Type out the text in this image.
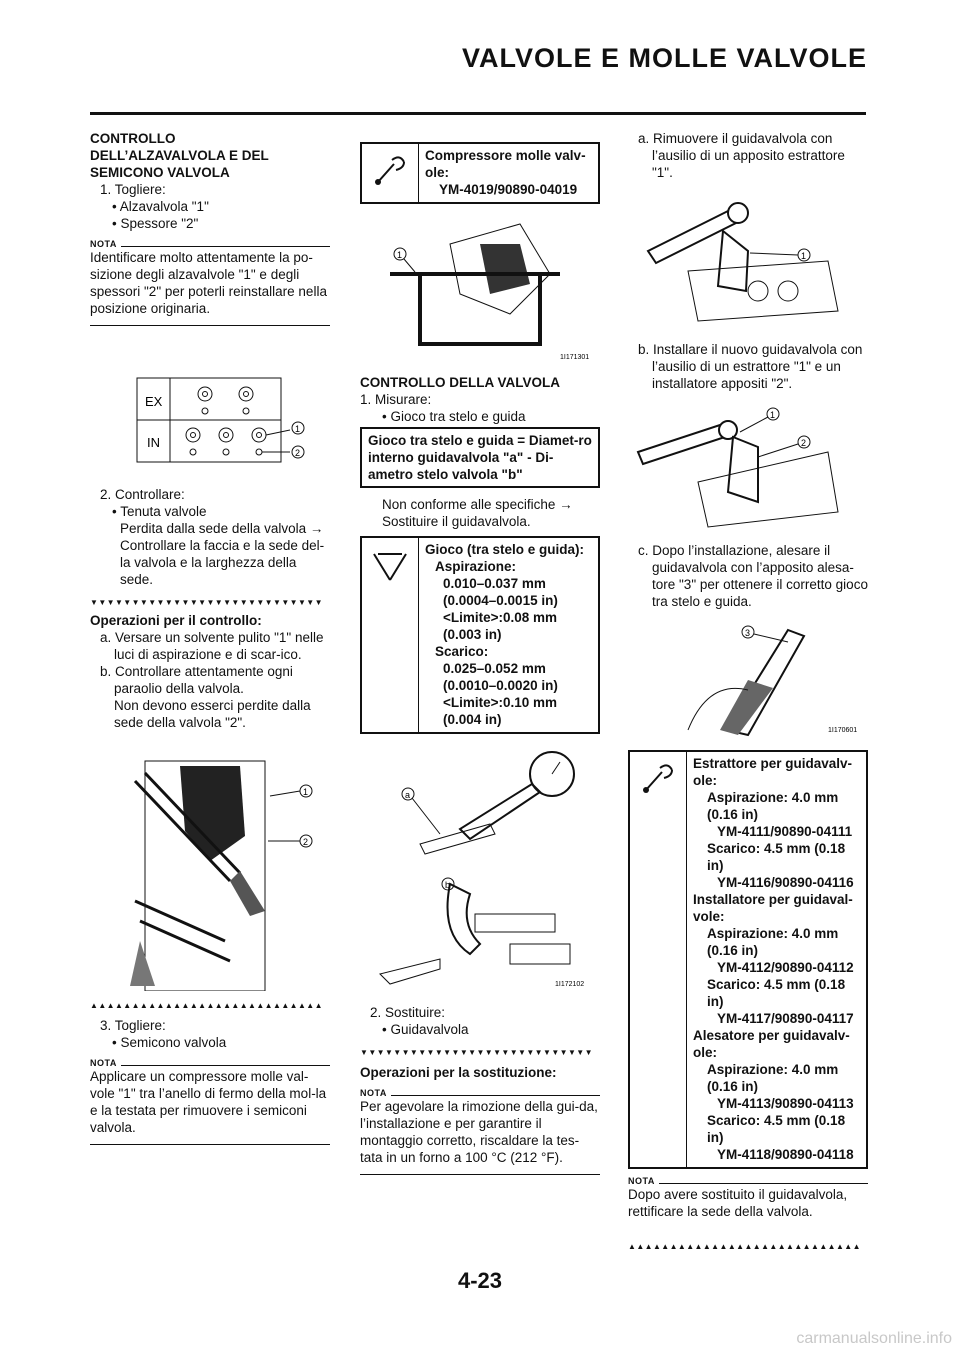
VALVOLE E MOLLE VALVOLE
CONTROLLO
DELL’ALZAVALVOLA E DEL
SEMICONO VALVOLA
1. Togliere:
• Alzavalvola "1"
• Spessore "2"
NOTA
Identificare molto attentamente la po-sizione degli alzavalvole "1" e degli spessori "2" per poterli reinstallare nella posizione originaria.
EX
IN
1
2
2. Controllare:
• Tenuta valvole
Perdita dalla sede della valvola → Controllare la faccia e la sede del-la valvola e la larghezza della sede.
▼▼▼▼▼▼▼▼▼▼▼▼▼▼▼▼▼▼▼▼▼▼▼▼▼▼▼▼
Operazioni per il controllo:
a. Versare un solvente pulito "1" nelle luci di aspirazione e di scar-ico.
b. Controllare attentamente ogni paraolio della valvola.
Non devono esserci perdite dalla sede della valvola "2".
1
2
▲▲▲▲▲▲▲▲▲▲▲▲▲▲▲▲▲▲▲▲▲▲▲▲▲▲▲▲
3. Togliere:
• Semicono valvola
NOTA
Applicare un compressore molle val-vole "1" tra l’anello di fermo della mol-la e la testata per rimuovere i semiconi valvola.
Compressore molle valv-ole:
YM-4019/90890-04019
1
1I171301
CONTROLLO DELLA VALVOLA
1. Misurare:
• Gioco tra stelo e guida
Gioco tra stelo e guida = Diamet-ro interno guidavalvola "a" - Di-ametro stelo valvola "b"
Non conforme alle specifiche → Sostituire il guidavalvola.
Gioco (tra stelo e guida):
Aspirazione:
0.010–0.037 mm
(0.0004–0.0015 in)
<Limite>:0.08 mm
(0.003 in)
Scarico:
0.025–0.052 mm
(0.0010–0.0020 in)
<Limite>:0.10 mm
(0.004 in)
a
b
1I172102
2. Sostituire:
• Guidavalvola
▼▼▼▼▼▼▼▼▼▼▼▼▼▼▼▼▼▼▼▼▼▼▼▼▼▼▼▼
Operazioni per la sostituzione:
NOTA
Per agevolare la rimozione della gui-da, l’installazione e per garantire il montaggio corretto, riscaldare la tes-tata in un forno a 100 °C (212 °F).
a. Rimuovere il guidavalvola con l’ausilio di un apposito estrattore "1".
1
b. Installare il nuovo guidavalvola con l’ausilio di un estrattore "1" e un installatore appositi "2".
1
2
c. Dopo l’installazione, alesare il guidavalvola con l’apposito alesa-tore "3" per ottenere il corretto gioco tra stelo e guida.
3
1I170601
Estrattore per guidavalv-ole:
Aspirazione: 4.0 mm (0.16 in)
YM-4111/90890-04111
Scarico: 4.5 mm (0.18 in)
YM-4116/90890-04116
Installatore per guidaval-vole:
Aspirazione: 4.0 mm (0.16 in)
YM-4112/90890-04112
Scarico: 4.5 mm (0.18 in)
YM-4117/90890-04117
Alesatore per guidavalv-ole:
Aspirazione: 4.0 mm (0.16 in)
YM-4113/90890-04113
Scarico: 4.5 mm (0.18 in)
YM-4118/90890-04118
NOTA
Dopo avere sostituito il guidavalvola, rettificare la sede della valvola.
▲▲▲▲▲▲▲▲▲▲▲▲▲▲▲▲▲▲▲▲▲▲▲▲▲▲▲▲
4-23
carmanualsonline.info
